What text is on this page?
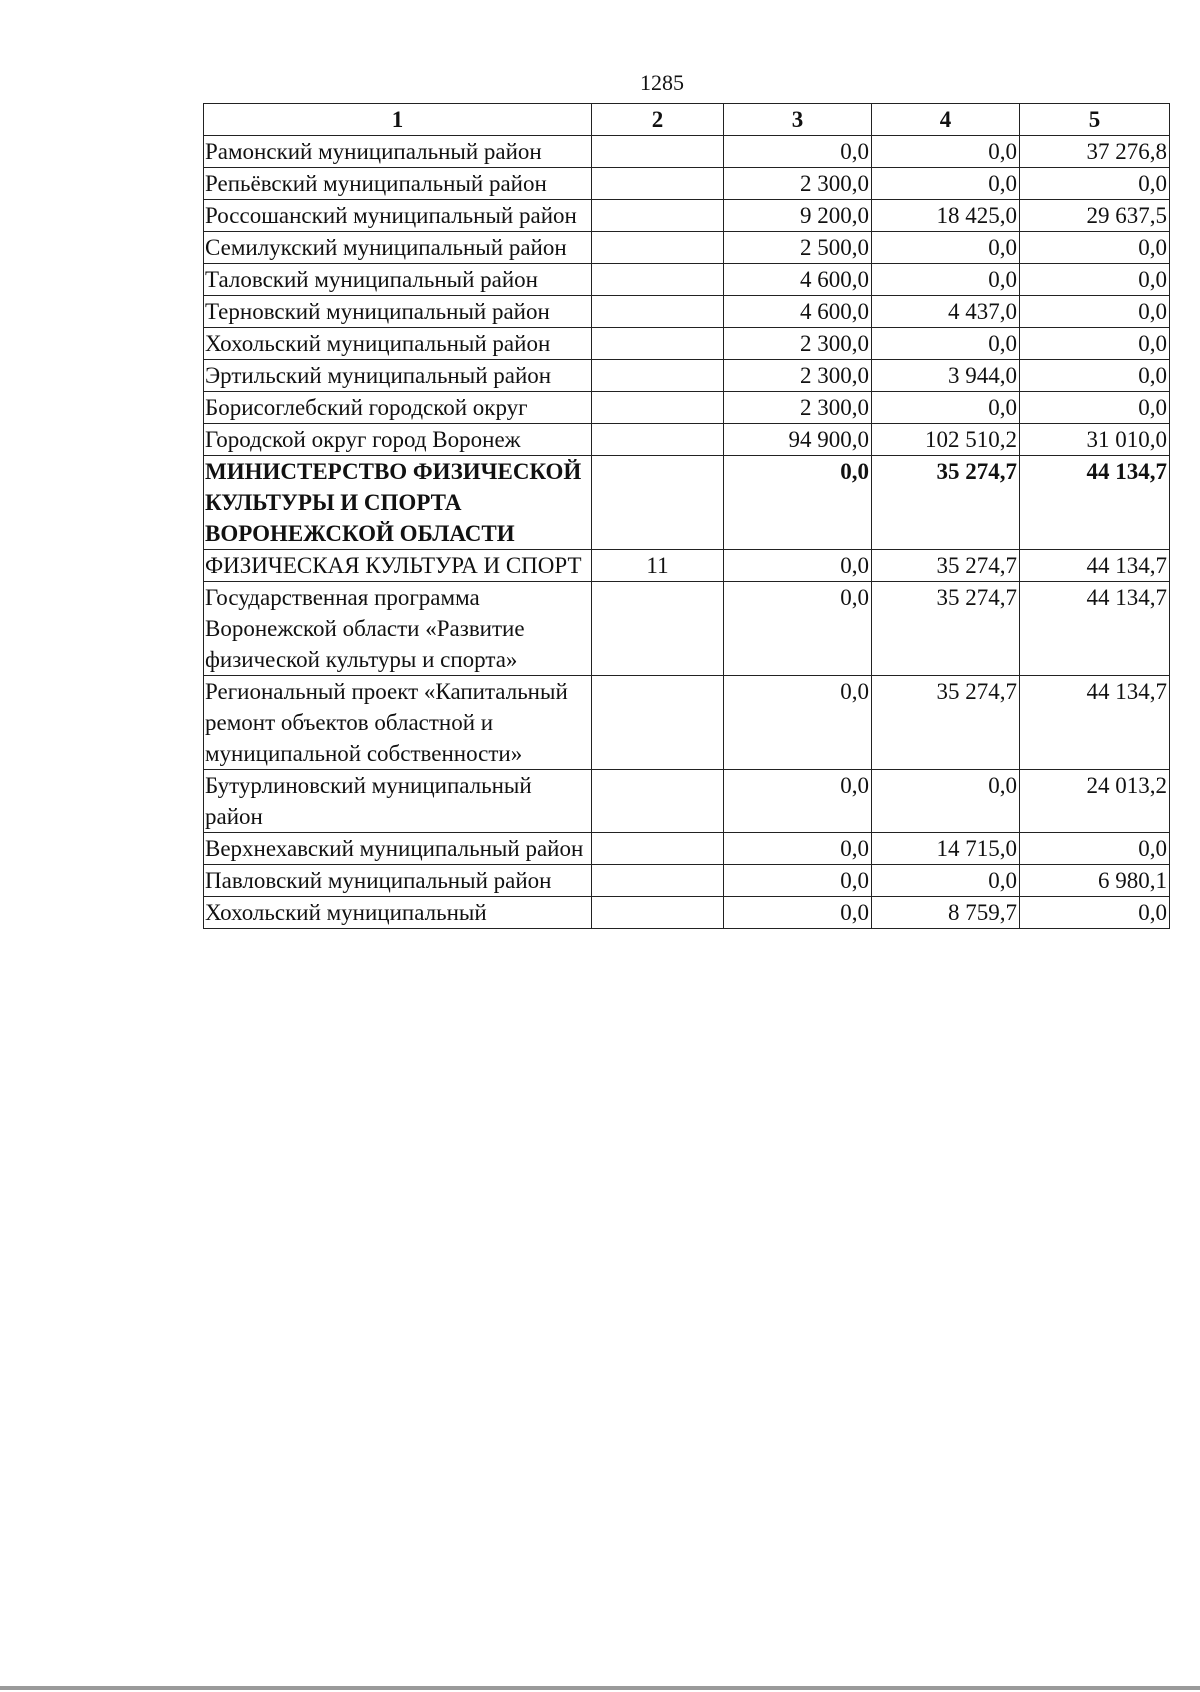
1285
1	2	3	4	5
Рамонский муниципальный район		0,0	0,0	37 276,8
Репьёвский муниципальный район		2 300,0	0,0	0,0
Россошанский муниципальный район		9 200,0	18 425,0	29 637,5
Семилукский муниципальный район		2 500,0	0,0	0,0
Таловский муниципальный район		4 600,0	0,0	0,0
Терновский муниципальный район		4 600,0	4 437,0	0,0
Хохольский муниципальный район		2 300,0	0,0	0,0
Эртильский муниципальный район		2 300,0	3 944,0	0,0
Борисоглебский городской округ		2 300,0	0,0	0,0
Городской округ город Воронеж		94 900,0	102 510,2	31 010,0
МИНИСТЕРСТВО ФИЗИЧЕСКОЙ КУЛЬТУРЫ И СПОРТА ВОРОНЕЖСКОЙ ОБЛАСТИ		0,0	35 274,7	44 134,7
ФИЗИЧЕСКАЯ КУЛЬТУРА И СПОРТ	11	0,0	35 274,7	44 134,7
Государственная программа Воронежской области «Развитие физической культуры и спорта»		0,0	35 274,7	44 134,7
Региональный проект «Капитальный ремонт объектов областной и муниципальной собственности»		0,0	35 274,7	44 134,7
Бутурлиновский муниципальный район		0,0	0,0	24 013,2
Верхнехавский муниципальный район		0,0	14 715,0	0,0
Павловский муниципальный район		0,0	0,0	6 980,1
Хохольский муниципальный		0,0	8 759,7	0,0
